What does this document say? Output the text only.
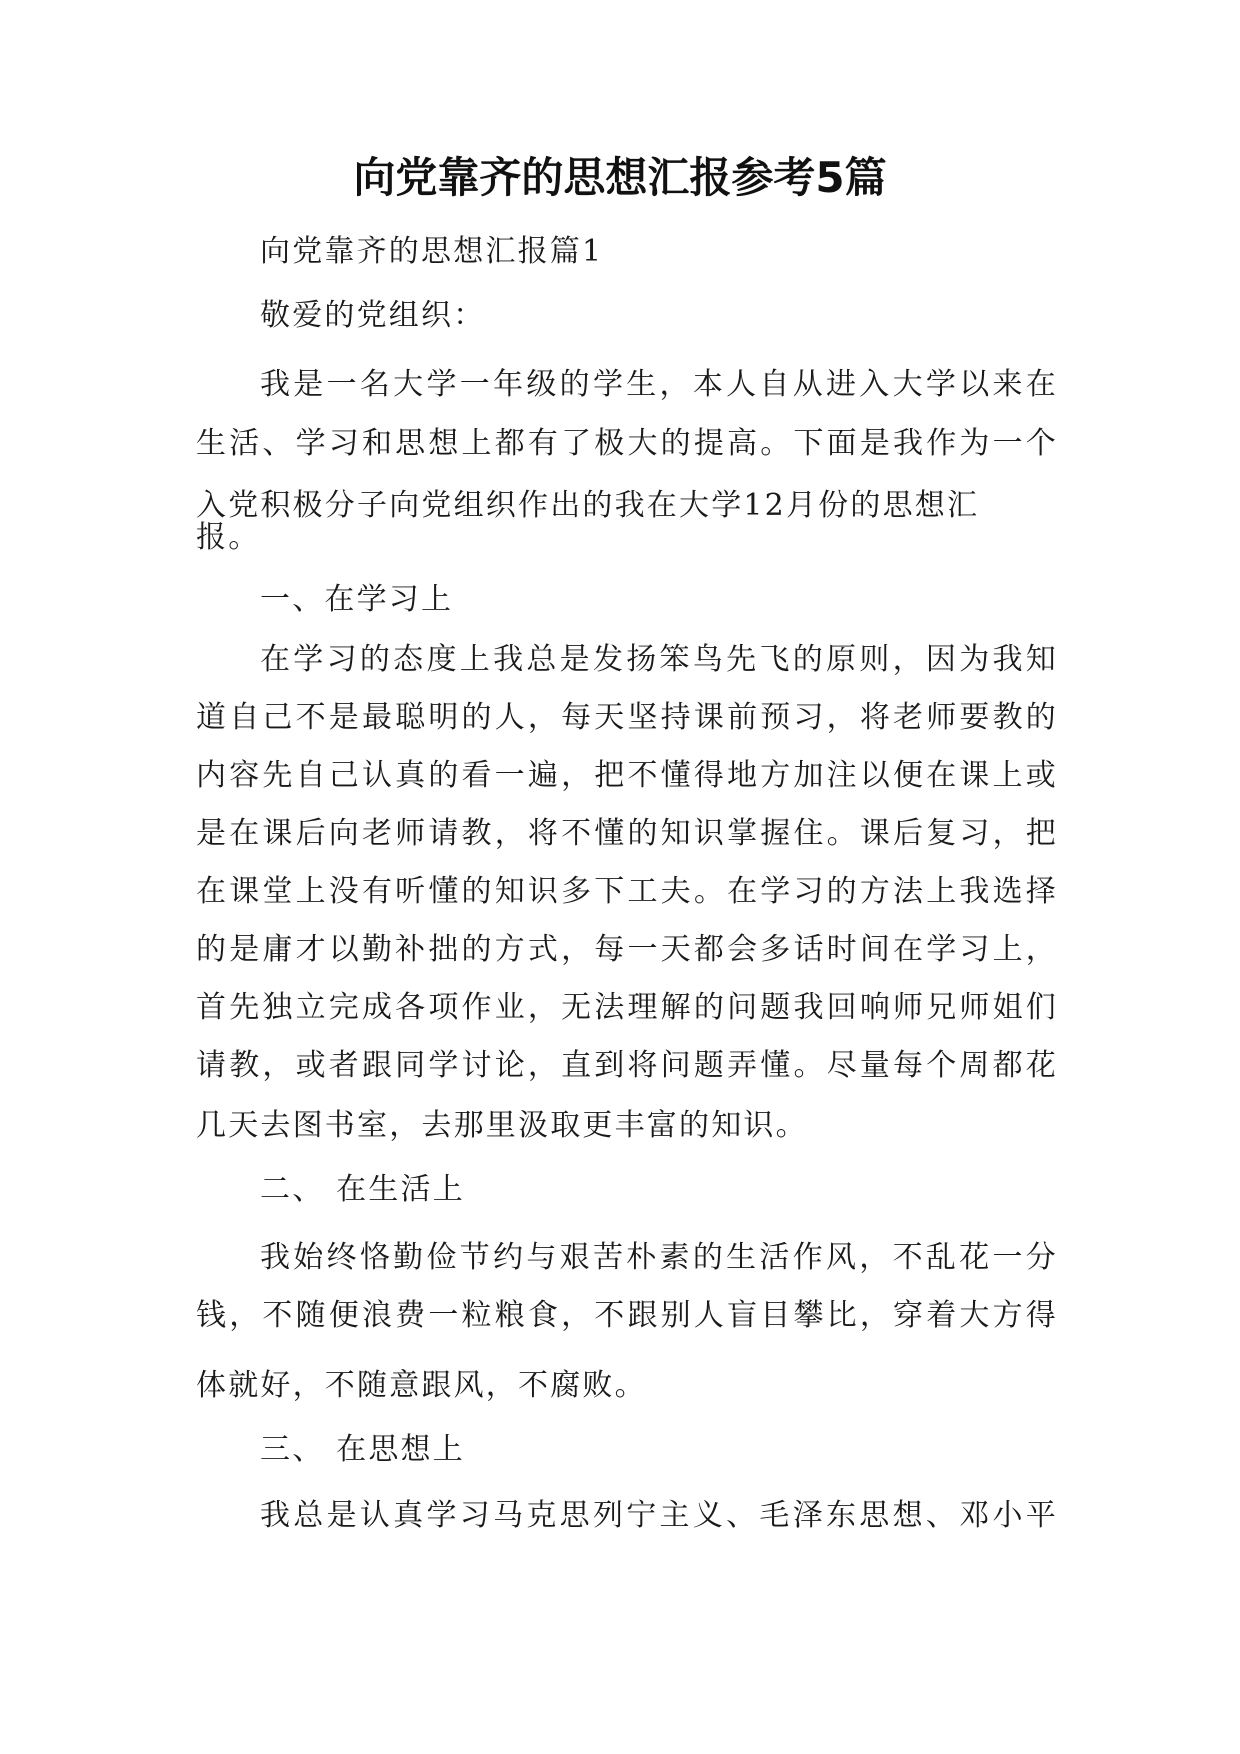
向党靠齐的思想汇报参考5篇

向党靠齐的思想汇报篇1

敬爱的党组织：

我是一名大学一年级的学生，本人自从进入大学以来在

生活、学习和思想上都有了极大的提高。下面是我作为一个

入党积极分子向党组织作出的我在大学12月份的思想汇

报。

一、在学习上

在学习的态度上我总是发扬笨鸟先飞的原则，因为我知

道自己不是最聪明的人，每天坚持课前预习，将老师要教的

内容先自己认真的看一遍，把不懂得地方加注以便在课上或

是在课后向老师请教，将不懂的知识掌握住。课后复习，把

在课堂上没有听懂的知识多下工夫。在学习的方法上我选择

的是庸才以勤补拙的方式，每一天都会多话时间在学习上，

首先独立完成各项作业，无法理解的问题我回响师兄师姐们

请教，或者跟同学讨论，直到将问题弄懂。尽量每个周都花

几天去图书室，去那里汲取更丰富的知识。

二、 在生活上

我始终恪勤俭节约与艰苦朴素的生活作风，不乱花一分

钱，不随便浪费一粒粮食，不跟别人盲目攀比，穿着大方得

体就好，不随意跟风，不腐败。

三、 在思想上

我总是认真学习马克思列宁主义、毛泽东思想、邓小平
